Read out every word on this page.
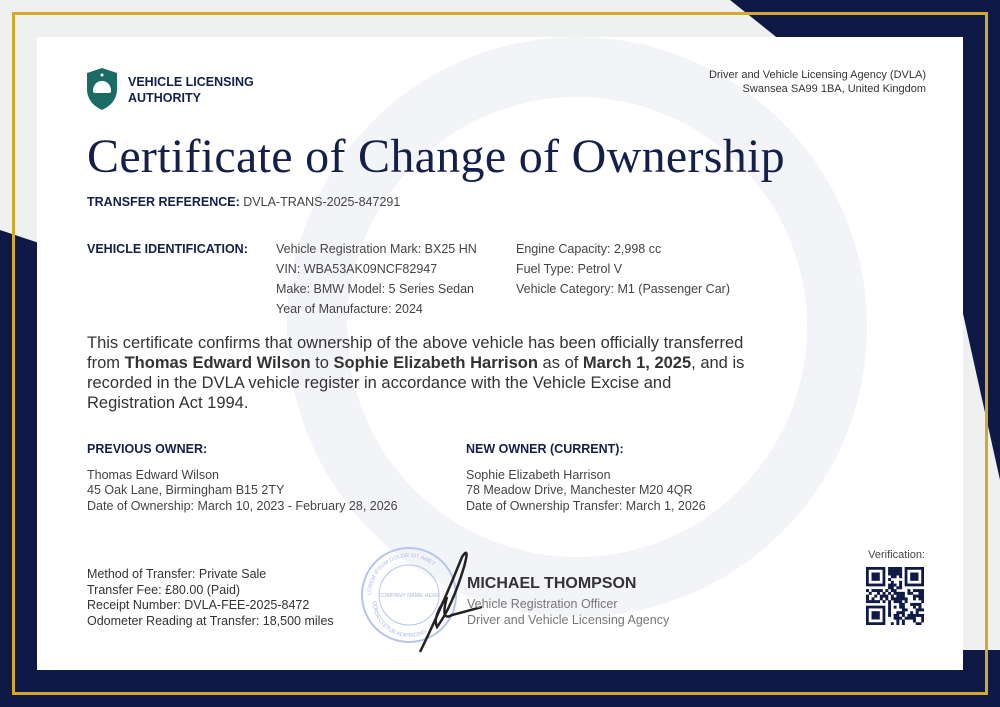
VEHICLE LICENSING
AUTHORITY
Driver and Vehicle Licensing Agency (DVLA)
Swansea SA99 1BA, United Kingdom
Certificate of Change of Ownership
TRANSFER REFERENCE: DVLA-TRANS-2025-847291
VEHICLE IDENTIFICATION: Vehicle Registration Mark: BX25 HN
VIN: WBA53AK09NCF82947
Make: BMW Model: 5 Series Sedan
Year of Manufacture: 2024
Engine Capacity: 2,998 cc
Fuel Type: Petrol V
Vehicle Category: M1 (Passenger Car)
This certificate confirms that ownership of the above vehicle has been officially transferred from Thomas Edward Wilson to Sophie Elizabeth Harrison as of March 1, 2025, and is recorded in the DVLA vehicle register in accordance with the Vehicle Excise and Registration Act 1994.
PREVIOUS OWNER:
Thomas Edward Wilson
45 Oak Lane, Birmingham B15 2TY
Date of Ownership: March 10, 2023 - February 28, 2026
NEW OWNER (CURRENT):
Sophie Elizabeth Harrison
78 Meadow Drive, Manchester M20 4QR
Date of Ownership Transfer: March 1, 2026
Method of Transfer: Private Sale
Transfer Fee: £80.00 (Paid)
Receipt Number: DVLA-FEE-2025-8472
Odometer Reading at Transfer: 18,500 miles
LOREM IPSUM DOLOR SIT AMET
CONSECTETUR ADIPISCING
COMPANY NAME HERE
MICHAEL THOMPSON
Vehicle Registration Officer
Driver and Vehicle Licensing Agency
Verification:
